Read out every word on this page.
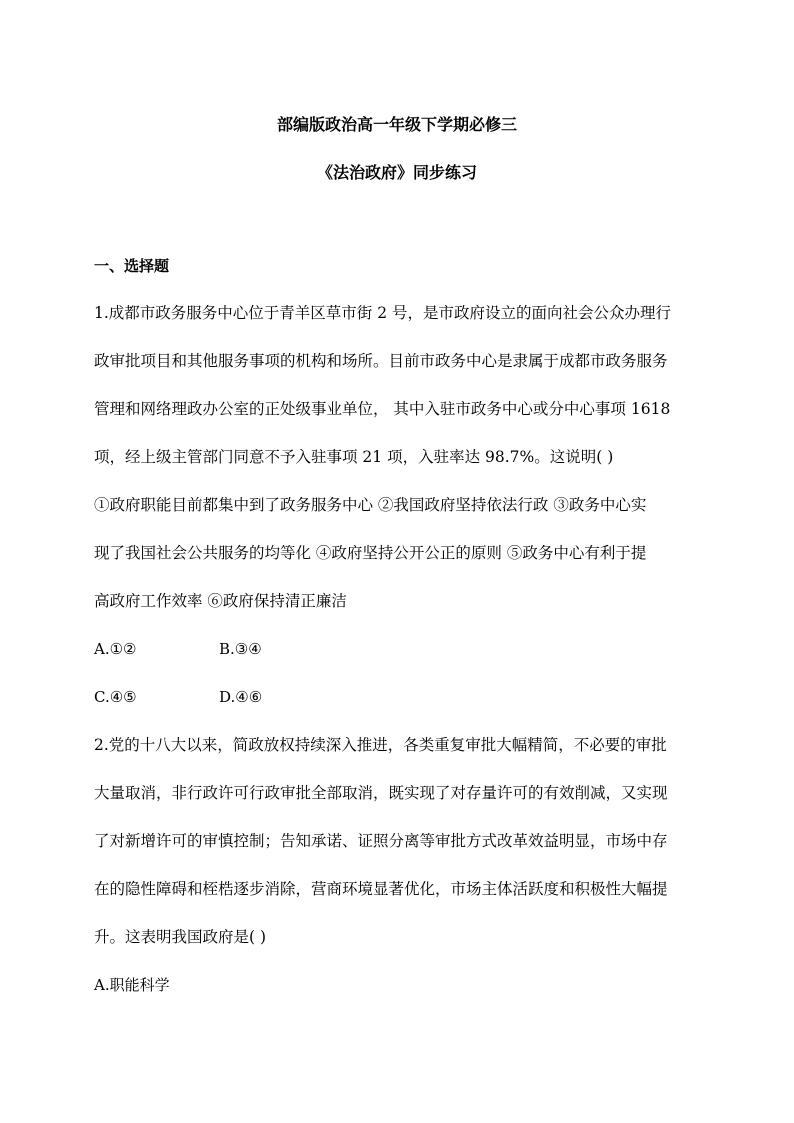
部编版政治高一年级下学期必修三
《法治政府》同步练习
一、选择题
1.成都市政务服务中心位于青羊区草市街 2 号，是市政府设立的面向社会公众办理行
政审批项目和其他服务事项的机构和场所。目前市政务中心是隶属于成都市政务服务
管理和网络理政办公室的正处级事业单位， 其中入驻市政务中心或分中心事项 1618
项，经上级主管部门同意不予入驻事项 21 项，入驻率达 98.7%。这说明( )
①政府职能目前都集中到了政务服务中心 ②我国政府坚持依法行政 ③政务中心实
现了我国社会公共服务的均等化 ④政府坚持公开公正的原则 ⑤政务中心有利于提
高政府工作效率 ⑥政府保持清正廉洁
A.①②	B.③④
C.④⑤	D.④⑥
2.党的十八大以来，简政放权持续深入推进，各类重复审批大幅精简，不必要的审批
大量取消，非行政许可行政审批全部取消，既实现了对存量许可的有效削减，又实现
了对新增许可的审慎控制；告知承诺、证照分离等审批方式改革效益明显，市场中存
在的隐性障碍和桎梏逐步消除，营商环境显著优化，市场主体活跃度和积极性大幅提
升。这表明我国政府是( )
A.职能科学
